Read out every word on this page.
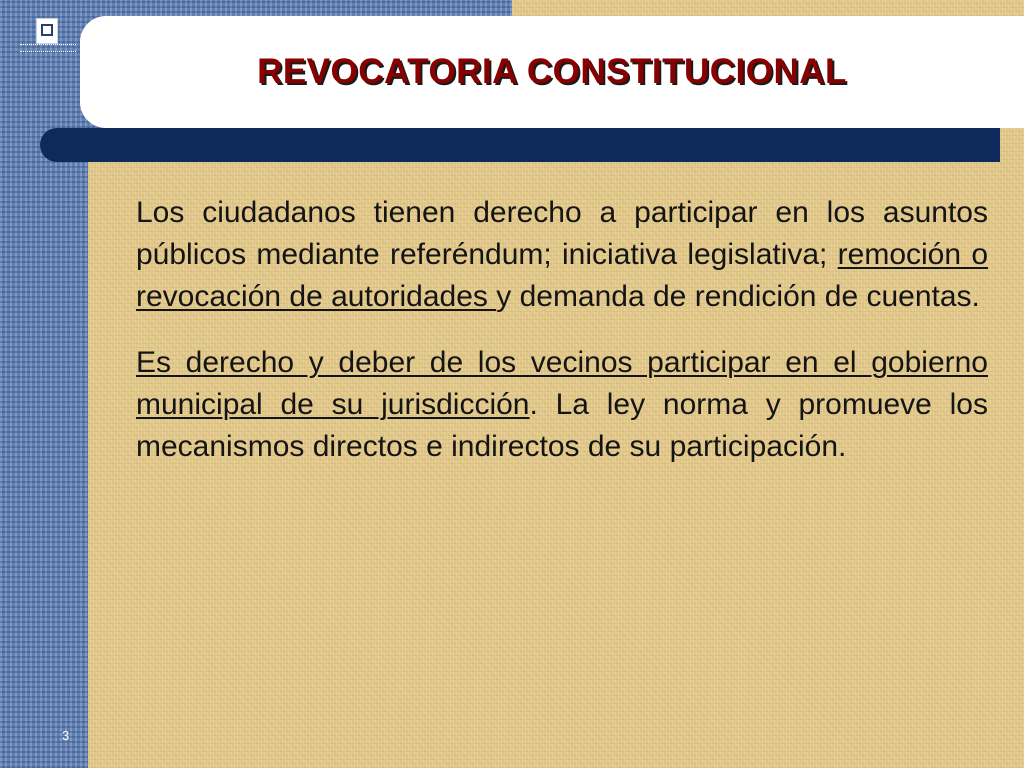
REVOCATORIA CONSTITUCIONAL

Los ciudadanos tienen derecho a participar en los asuntos públicos mediante referéndum; iniciativa legislativa; remoción o revocación de autoridades y demanda de rendición de cuentas.

Es derecho y deber de los vecinos participar en el gobierno municipal de su jurisdicción. La ley norma y promueve los mecanismos directos e indirectos de su participación.

3
